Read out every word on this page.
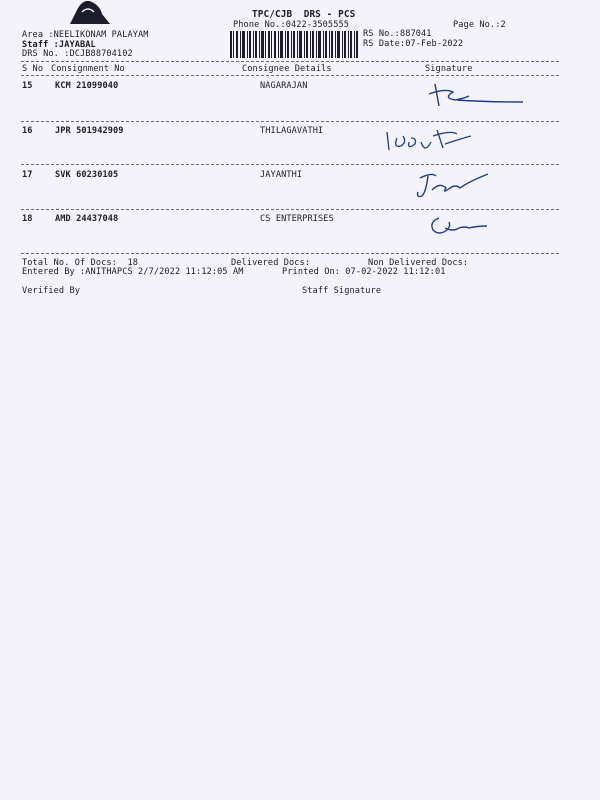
TPC/CJB  DRS - PCS
Phone No.:0422-3505555	Page No.:2
Area :NEELIKONAM PALAYAM
Staff :JAYABAL
DRS No. :DCJB88704102
RS No.:887041
RS Date:07-Feb-2022
S No Consignment No	Consignee Details	Signature
15	KCM 21099040	NAGARAJAN
16	JPR 501942909	THILAGAVATHI
17	SVK 60230105	JAYANTHI
18	AMD 24437048	CS ENTERPRISES
Total No. Of Docs:  18	Delivered Docs:	Non Delivered Docs:
Entered By :ANITHAPCS 2/7/2022 11:12:05 AM	Printed On: 07-02-2022 11:12:01
Verified By	Staff Signature
